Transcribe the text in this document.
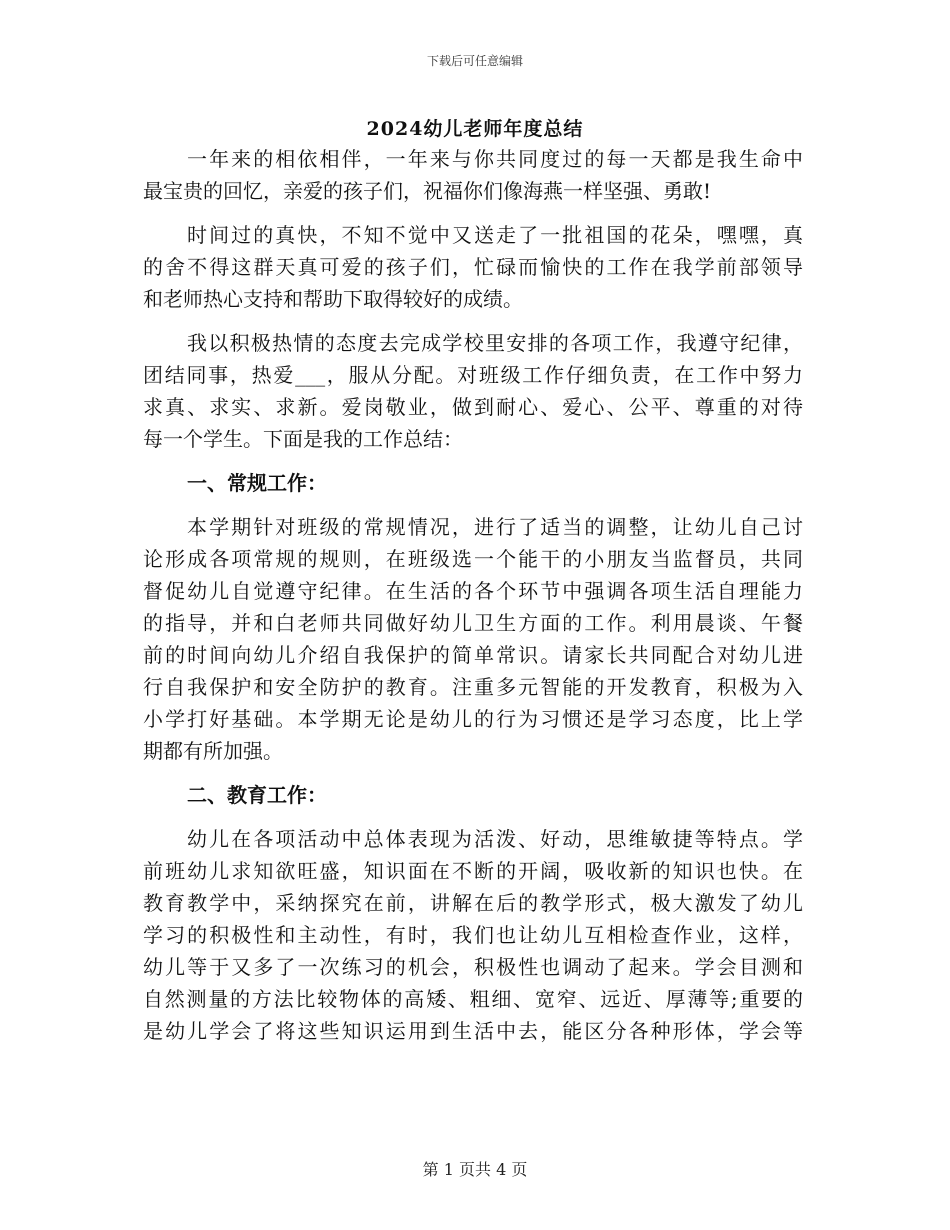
下载后可任意编辑
2024幼儿老师年度总结
一年来的相依相伴，一年来与你共同度过的每一天都是我生命中
最宝贵的回忆，亲爱的孩子们，祝福你们像海燕一样坚强、勇敢!
时间过的真快，不知不觉中又送走了一批祖国的花朵，嘿嘿，真
的舍不得这群天真可爱的孩子们，忙碌而愉快的工作在我学前部领导
和老师热心支持和帮助下取得较好的成绩。
我以积极热情的态度去完成学校里安排的各项工作，我遵守纪律，
团结同事，热爱___，服从分配。对班级工作仔细负责，在工作中努力
求真、求实、求新。爱岗敬业，做到耐心、爱心、公平、尊重的对待
每一个学生。下面是我的工作总结：
一、常规工作：
本学期针对班级的常规情况，进行了适当的调整，让幼儿自己讨
论形成各项常规的规则，在班级选一个能干的小朋友当监督员，共同
督促幼儿自觉遵守纪律。在生活的各个环节中强调各项生活自理能力
的指导，并和白老师共同做好幼儿卫生方面的工作。利用晨谈、午餐
前的时间向幼儿介绍自我保护的简单常识。请家长共同配合对幼儿进
行自我保护和安全防护的教育。注重多元智能的开发教育，积极为入
小学打好基础。本学期无论是幼儿的行为习惯还是学习态度，比上学
期都有所加强。
二、教育工作：
幼儿在各项活动中总体表现为活泼、好动，思维敏捷等特点。学
前班幼儿求知欲旺盛，知识面在不断的开阔，吸收新的知识也快。在
教育教学中，采纳探究在前，讲解在后的教学形式，极大激发了幼儿
学习的积极性和主动性，有时，我们也让幼儿互相检查作业，这样，
幼儿等于又多了一次练习的机会，积极性也调动了起来。学会目测和
自然测量的方法比较物体的高矮、粗细、宽窄、远近、厚薄等;重要的
是幼儿学会了将这些知识运用到生活中去，能区分各种形体，学会等
第 1 页共 4 页
